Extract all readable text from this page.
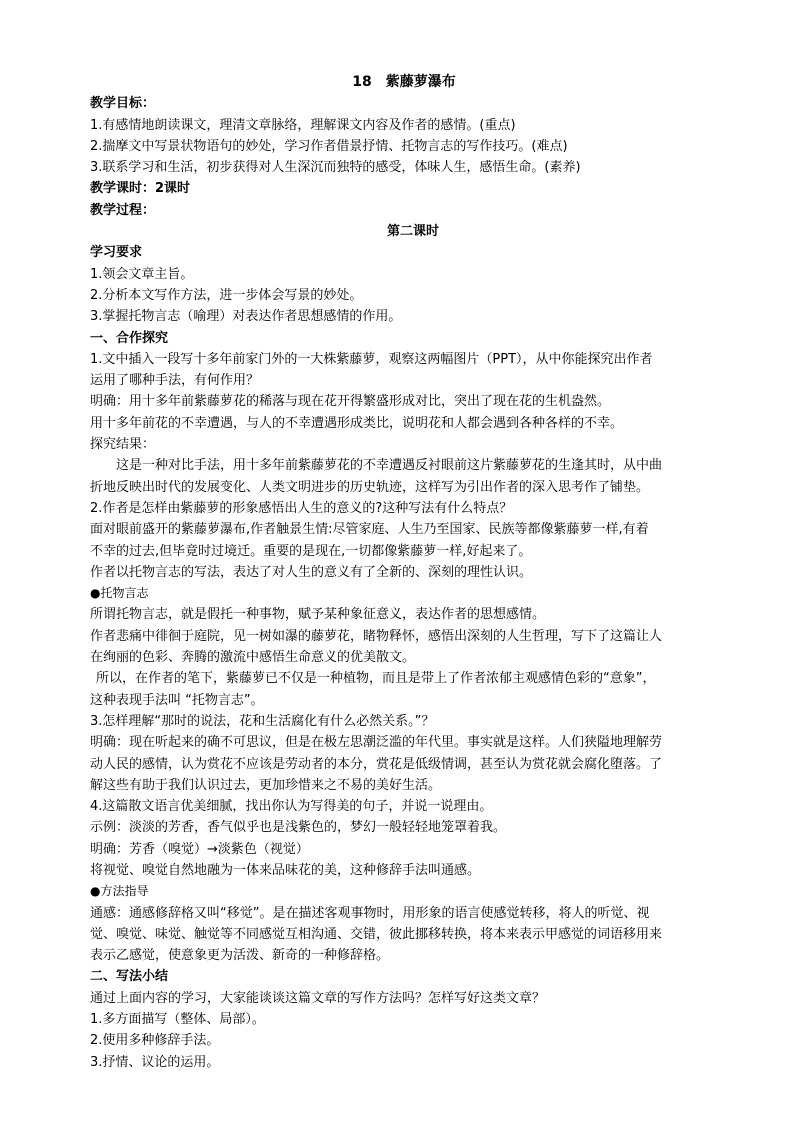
18　紫藤萝瀑布
教学目标：
1.有感情地朗读课文，理清文章脉络，理解课文内容及作者的感情。(重点)
2.揣摩文中写景状物语句的妙处，学习作者借景抒情、托物言志的写作技巧。(难点)
3.联系学习和生活，初步获得对人生深沉而独特的感受，体味人生，感悟生命。(素养)
教学课时：2课时
教学过程：
第二课时
学习要求
1.领会文章主旨。
2.分析本文写作方法，进一步体会写景的妙处。
3.掌握托物言志（喻理）对表达作者思想感情的作用。
一、合作探究
1.文中插入一段写十多年前家门外的一大株紫藤萝，观察这两幅图片（PPT），从中你能探究出作者
运用了哪种手法，有何作用？
明确：用十多年前紫藤萝花的稀落与现在花开得繁盛形成对比，突出了现在花的生机盎然。
用十多年前花的不幸遭遇，与人的不幸遭遇形成类比，说明花和人都会遇到各种各样的不幸。
探究结果：
这是一种对比手法，用十多年前紫藤萝花的不幸遭遇反衬眼前这片紫藤萝花的生逢其时，从中曲
折地反映出时代的发展变化、人类文明进步的历史轨迹，这样写为引出作者的深入思考作了铺垫。
2.作者是怎样由紫藤萝的形象感悟出人生的意义的?这种写法有什么特点？
面对眼前盛开的紫藤萝瀑布,作者触景生情:尽管家庭、人生乃至国家、民族等都像紫藤萝一样,有着
不幸的过去,但毕竟时过境迁。重要的是现在,一切都像紫藤萝一样,好起来了。
作者以托物言志的写法，表达了对人生的意义有了全新的、深刻的理性认识。
●托物言志
所谓托物言志，就是假托一种事物，赋予某种象征意义，表达作者的思想感情。
作者悲痛中徘徊于庭院，见一树如瀑的藤萝花，睹物释怀，感悟出深刻的人生哲理，写下了这篇让人
在绚丽的色彩、奔腾的激流中感悟生命意义的优美散文。
所以，在作者的笔下，紫藤萝已不仅是一种植物，而且是带上了作者浓郁主观感情色彩的“意象”，
这种表现手法叫 “托物言志”。
3.怎样理解“那时的说法，花和生活腐化有什么必然关系。”？
明确：现在听起来的确不可思议，但是在极左思潮泛滥的年代里。事实就是这样。人们狭隘地理解劳
动人民的感情，认为赏花不应该是劳动者的本分，赏花是低级情调，甚至认为赏花就会腐化堕落。了
解这些有助于我们认识过去，更加珍惜来之不易的美好生活。
4.这篇散文语言优美细腻，找出你认为写得美的句子，并说一说理由。
示例：淡淡的芳香，香气似乎也是浅紫色的，梦幻一般轻轻地笼罩着我。
明确：芳香（嗅觉）→淡紫色（视觉）
将视觉、嗅觉自然地融为一体来品味花的美，这种修辞手法叫通感。
●方法指导
通感：通感修辞格又叫“移觉”。是在描述客观事物时，用形象的语言使感觉转移，将人的听觉、视
觉、嗅觉、味觉、触觉等不同感觉互相沟通、交错，彼此挪移转换，将本来表示甲感觉的词语移用来
表示乙感觉，使意象更为活泼、新奇的一种修辞格。
二、写法小结
通过上面内容的学习，大家能谈谈这篇文章的写作方法吗？怎样写好这类文章？
1.多方面描写（整体、局部）。
2.使用多种修辞手法。
3.抒情、议论的运用。
